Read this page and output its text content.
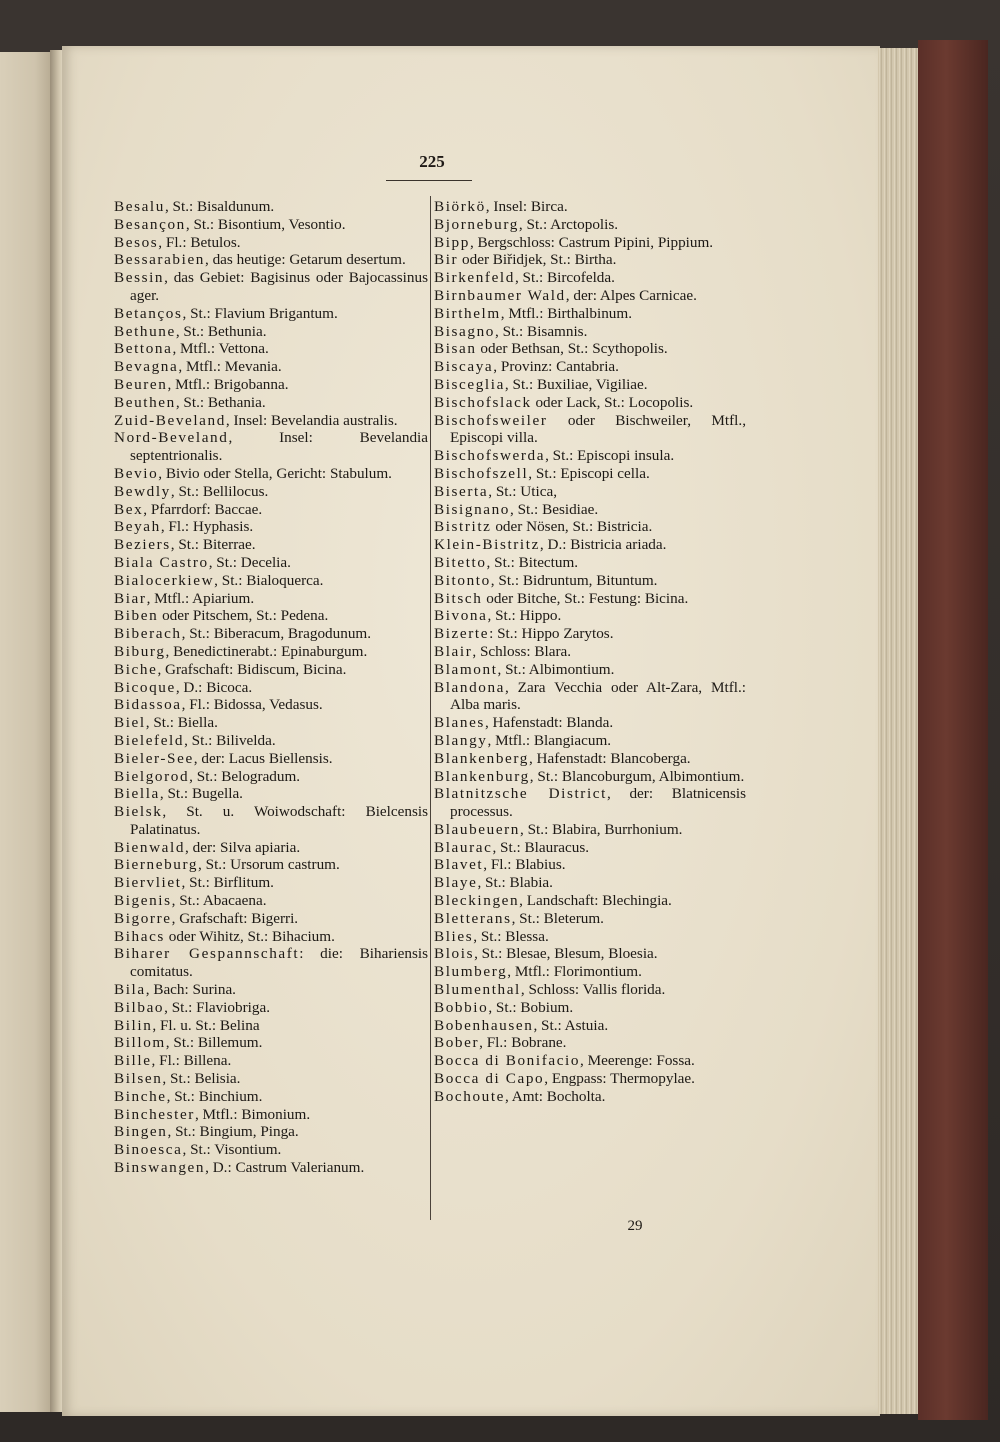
225

Besalu, St.: Bisaldunum.

Besançon, St.: Bisontium, Vesontio.

Besos, Fl.: Betulos.

Bessarabien, das heutige: Getarum desertum.

Bessin, das Gebiet: Bagisinus oder Bajocassinus ager.

Betanços, St.: Flavium Brigantum.

Bethune, St.: Bethunia.

Bettona, Mtfl.: Vettona.

Bevagna, Mtfl.: Mevania.

Beuren, Mtfl.: Brigobanna.

Beuthen, St.: Bethania.

Zuid-Beveland, Insel: Bevelandia australis.

Nord-Beveland, Insel: Bevelandia septentrionalis.

Bevio, Bivio oder Stella, Gericht: Stabulum.

Bewdly, St.: Bellilocus.

Bex, Pfarrdorf: Baccae.

Beyah, Fl.: Hyphasis.

Beziers, St.: Biterrae.

Biala Castro, St.: Decelia.

Bialocerkiew, St.: Bialoquerca.

Biar, Mtfl.: Apiarium.

Biben oder Pitschem, St.: Pedena.

Biberach, St.: Biberacum, Bragodunum.

Biburg, Benedictinerabt.: Epinaburgum.

Biche, Grafschaft: Bidiscum, Bicina.

Bicoque, D.: Bicoca.

Bidassoa, Fl.: Bidossa, Vedasus.

Biel, St.: Biella.

Bielefeld, St.: Bilivelda.

Bieler-See, der: Lacus Biellensis.

Bielgorod, St.: Belogradum.

Biella, St.: Bugella.

Bielsk, St. u. Woiwodschaft: Bielcensis Palatinatus.

Bienwald, der: Silva apiaria.

Bierneburg, St.: Ursorum castrum.

Biervliet, St.: Birflitum.

Bigenis, St.: Abacaena.

Bigorre, Grafschaft: Bigerri.

Bihacs oder Wihitz, St.: Bihacium.

Biharer Gespannschaft: die: Bihariensis comitatus.

Bila, Bach: Surina.

Bilbao, St.: Flaviobriga.

Bilin, Fl. u. St.: Belina

Billom, St.: Billemum.

Bille, Fl.: Billena.

Bilsen, St.: Belisia.

Binche, St.: Binchium.

Binchester, Mtfl.: Bimonium.

Bingen, St.: Bingium, Pinga.

Binoesca, St.: Visontium.

Binswangen, D.: Castrum Valerianum.

Biörkö, Insel: Birca.

Bjorneburg, St.: Arctopolis.

Bipp, Bergschloss: Castrum Pipini, Pippium.

Bir oder Biřidjek, St.: Birtha.

Birkenfeld, St.: Bircofelda.

Birnbaumer Wald, der: Alpes Carnicae.

Birthelm, Mtfl.: Birthalbinum.

Bisagno, St.: Bisamnis.

Bisan oder Bethsan, St.: Scythopolis.

Biscaya, Provinz: Cantabria.

Bisceglia, St.: Buxiliae, Vigiliae.

Bischofslack oder Lack, St.: Locopolis.

Bischofsweiler oder Bischweiler, Mtfl., Episcopi villa.

Bischofswerda, St.: Episcopi insula.

Bischofszell, St.: Episcopi cella.

Biserta, St.: Utica,

Bisignano, St.: Besidiae.

Bistritz oder Nösen, St.: Bistricia.

Klein-Bistritz, D.: Bistricia ariada.

Bitetto, St.: Bitectum.

Bitonto, St.: Bidruntum, Bituntum.

Bitsch oder Bitche, St.: Festung: Bicina.

Bivona, St.: Hippo.

Bizerte: St.: Hippo Zarytos.

Blair, Schloss: Blara.

Blamont, St.: Albimontium.

Blandona, Zara Vecchia oder Alt-Zara, Mtfl.: Alba maris.

Blanes, Hafenstadt: Blanda.

Blangy, Mtfl.: Blangiacum.

Blankenberg, Hafenstadt: Blancoberga.

Blankenburg, St.: Blancoburgum, Albimontium.

Blatnitzsche District, der: Blatnicensis processus.

Blaubeuern, St.: Blabira, Burrhonium.

Blaurac, St.: Blauracus.

Blavet, Fl.: Blabius.

Blaye, St.: Blabia.

Bleckingen, Landschaft: Blechingia.

Bletterans, St.: Bleterum.

Blies, St.: Blessa.

Blois, St.: Blesae, Blesum, Bloesia.

Blumberg, Mtfl.: Florimontium.

Blumenthal, Schloss: Vallis florida.

Bobbio, St.: Bobium.

Bobenhausen, St.: Astuia.

Bober, Fl.: Bobrane.

Bocca di Bonifacio, Meerenge: Fossa.

Bocca di Capo, Engpass: Thermopylae.

Bochoute, Amt: Bocholta.

29
